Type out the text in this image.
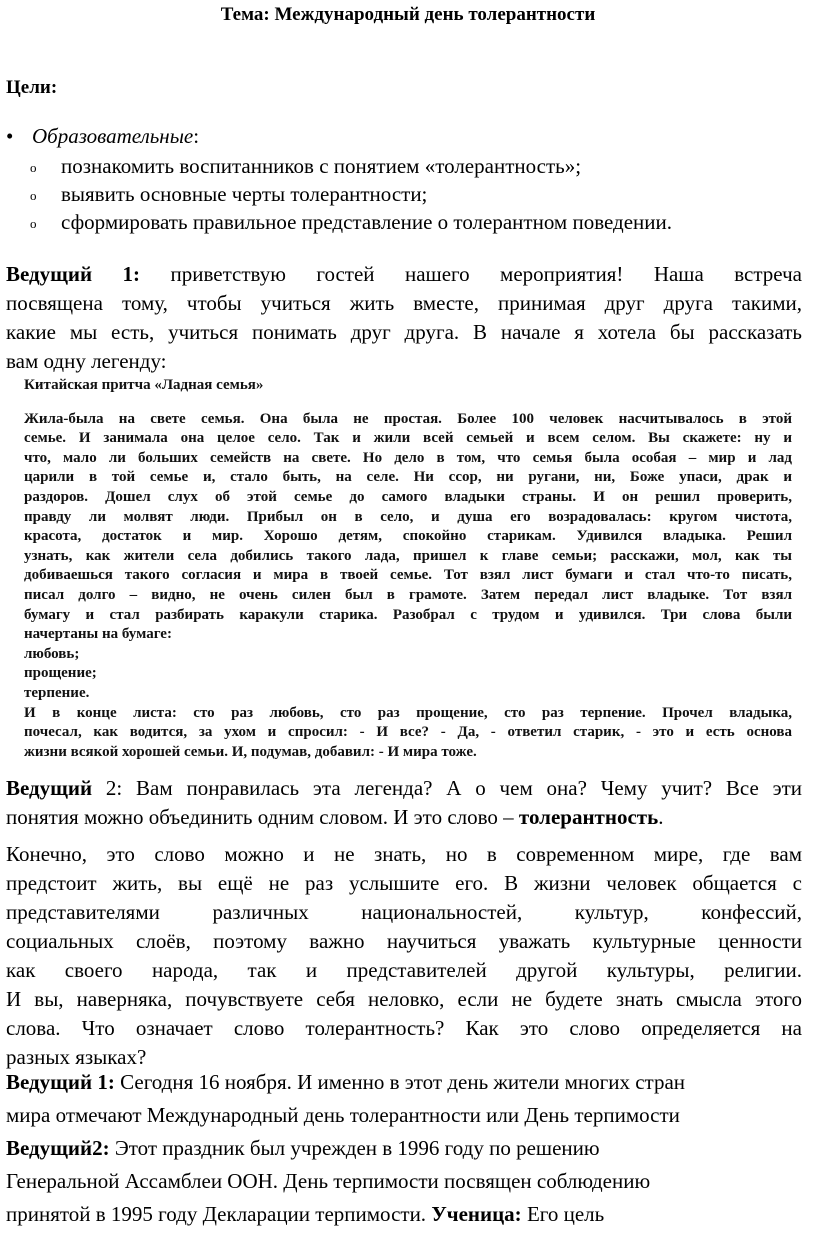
Тема: Международный день толерантности
Цели:
• Образовательные:
o познакомить воспитанников с понятием «толерантность»;
o выявить основные черты толерантности;
o сформировать правильное представление о толерантном поведении.
Ведущий 1: приветствую гостей нашего мероприятия! Наша встреча
посвящена тому, чтобы учиться жить вместе, принимая друг друга такими,
какие мы есть, учиться понимать друг друга. В начале я хотела бы рассказать
вам одну легенду:
Китайская притча «Ладная семья»
Жила-была на свете семья. Она была не простая. Более 100 человек насчитывалось в этой
семье. И занимала она целое село. Так и жили всей семьей и всем селом. Вы скажете: ну и
что, мало ли больших семейств на свете. Но дело в том, что семья была особая – мир и лад
царили в той семье и, стало быть, на селе. Ни ссор, ни ругани, ни, Боже упаси, драк и
раздоров. Дошел слух об этой семье до самого владыки страны. И он решил проверить,
правду ли молвят люди. Прибыл он в село, и душа его возрадовалась: кругом чистота,
красота, достаток и мир. Хорошо детям, спокойно старикам. Удивился владыка. Решил
узнать, как жители села добились такого лада, пришел к главе семьи; расскажи, мол, как ты
добиваешься такого согласия и мира в твоей семье. Тот взял лист бумаги и стал что-то писать,
писал долго – видно, не очень силен был в грамоте. Затем передал лист владыке. Тот взял
бумагу и стал разбирать каракули старика. Разобрал с трудом и удивился. Три слова были
начертаны на бумаге:
любовь;
прощение;
терпение.
И в конце листа: сто раз любовь, сто раз прощение, сто раз терпение. Прочел владыка,
почесал, как водится, за ухом и спросил: - И все? - Да, - ответил старик, - это и есть основа
жизни всякой хорошей семьи. И, подумав, добавил: - И мира тоже.
Ведущий 2: Вам понравилась эта легенда? А о чем она? Чему учит? Все эти
понятия можно объединить одним словом. И это слово – толерантность.
Конечно, это слово можно и не знать, но в современном мире, где вам
предстоит жить, вы ещё не раз услышите его. В жизни человек общается с
представителями различных национальностей, культур, конфессий,
социальных слоёв, поэтому важно научиться уважать культурные ценности
как своего народа, так и представителей другой культуры, религии.
И вы, наверняка, почувствуете себя неловко, если не будете знать смысла этого
слова. Что означает слово толерантность? Как это слово определяется на
разных языках?
Ведущий 1: Сегодня 16 ноября. И именно в этот день жители многих стран
мира отмечают Международный день толерантности или День терпимости
Ведущий2: Этот праздник был учрежден в 1996 году по решению
Генеральной Ассамблеи ООН. День терпимости посвящен соблюдению
принятой в 1995 году Декларации терпимости. Ученица: Его цель
